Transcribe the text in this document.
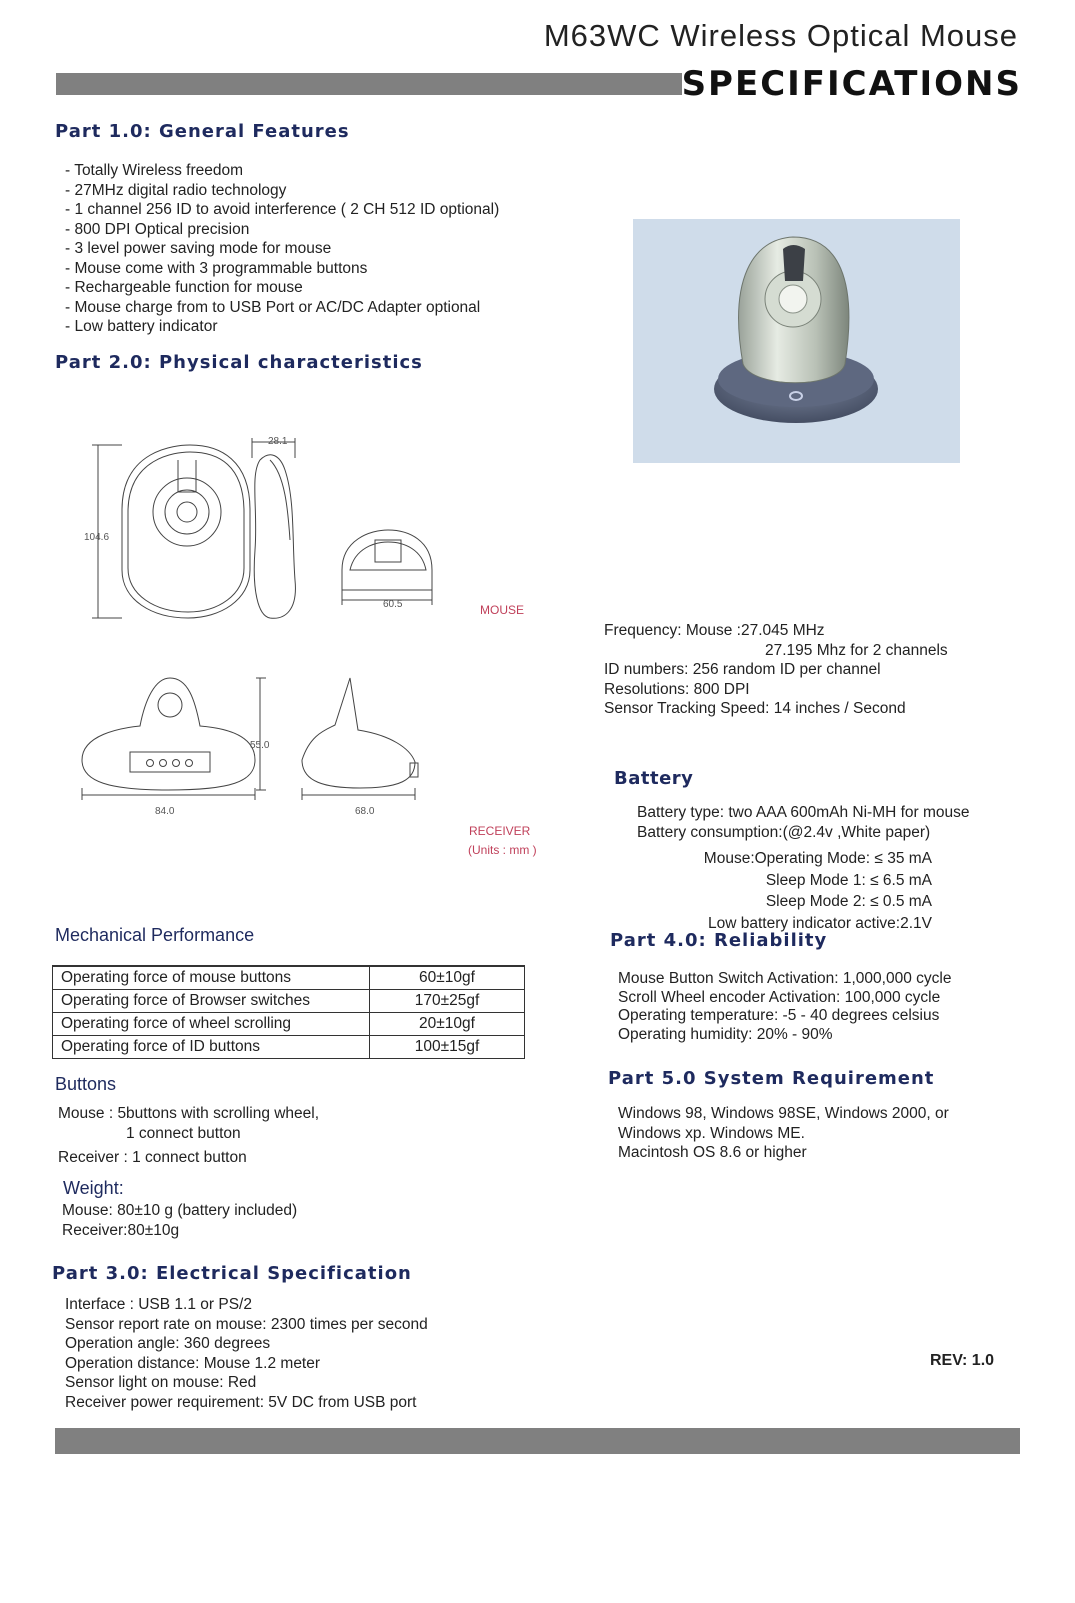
M63WC Wireless Optical Mouse
SPECIFICATIONS
Part 1.0: General Features
- Totally Wireless freedom
- 27MHz digital radio technology
- 1 channel 256 ID to avoid interference ( 2 CH 512 ID optional)
- 800 DPI Optical precision
- 3 level power saving mode for mouse
- Mouse come with 3 programmable buttons
- Rechargeable function for mouse
- Mouse charge from to USB Port or AC/DC Adapter optional
- Low battery indicator
Part 2.0: Physical characteristics
28.1
104.6
60.5	MOUSE
55.0
84.0	68.0
RECEIVER
(Units : mm )
Frequency: Mouse :27.045 MHz
27.195 Mhz for 2 channels
ID numbers: 256 random ID per channel
Resolutions: 800 DPI
Sensor Tracking Speed: 14 inches / Second
Battery
Battery type: two AAA 600mAh Ni-MH for mouse
Battery consumption:(@2.4v ,White paper)
Mouse:Operating Mode: ≤ 35 mA
Sleep Mode 1: ≤ 6.5 mA
Sleep Mode 2: ≤ 0.5 mA
Low battery indicator active:2.1V
Mechanical Performance
Operating force of mouse buttons	60±10gf
Operating force of Browser switches	170±25gf
Operating force of wheel scrolling	20±10gf
Operating force of ID buttons	100±15gf
Part 4.0: Reliability
Mouse Button Switch Activation: 1,000,000 cycle
Scroll Wheel encoder Activation: 100,000 cycle
Operating temperature: -5 - 40 degrees celsius
Operating humidity: 20% - 90%
Buttons
Mouse : 5buttons with scrolling wheel,
1 connect button
Receiver : 1 connect button
Part 5.0 System Requirement
Windows 98, Windows 98SE, Windows 2000, or
Windows xp. Windows ME.
Macintosh OS 8.6 or higher
Weight:
Mouse: 80±10 g (battery included)
Receiver:80±10g
Part 3.0: Electrical Specification
Interface : USB 1.1 or PS/2
Sensor report rate on mouse: 2300 times per second
Operation angle: 360 degrees
Operation distance: Mouse 1.2 meter
Sensor light on mouse: Red
Receiver power requirement: 5V DC from USB port
REV: 1.0
